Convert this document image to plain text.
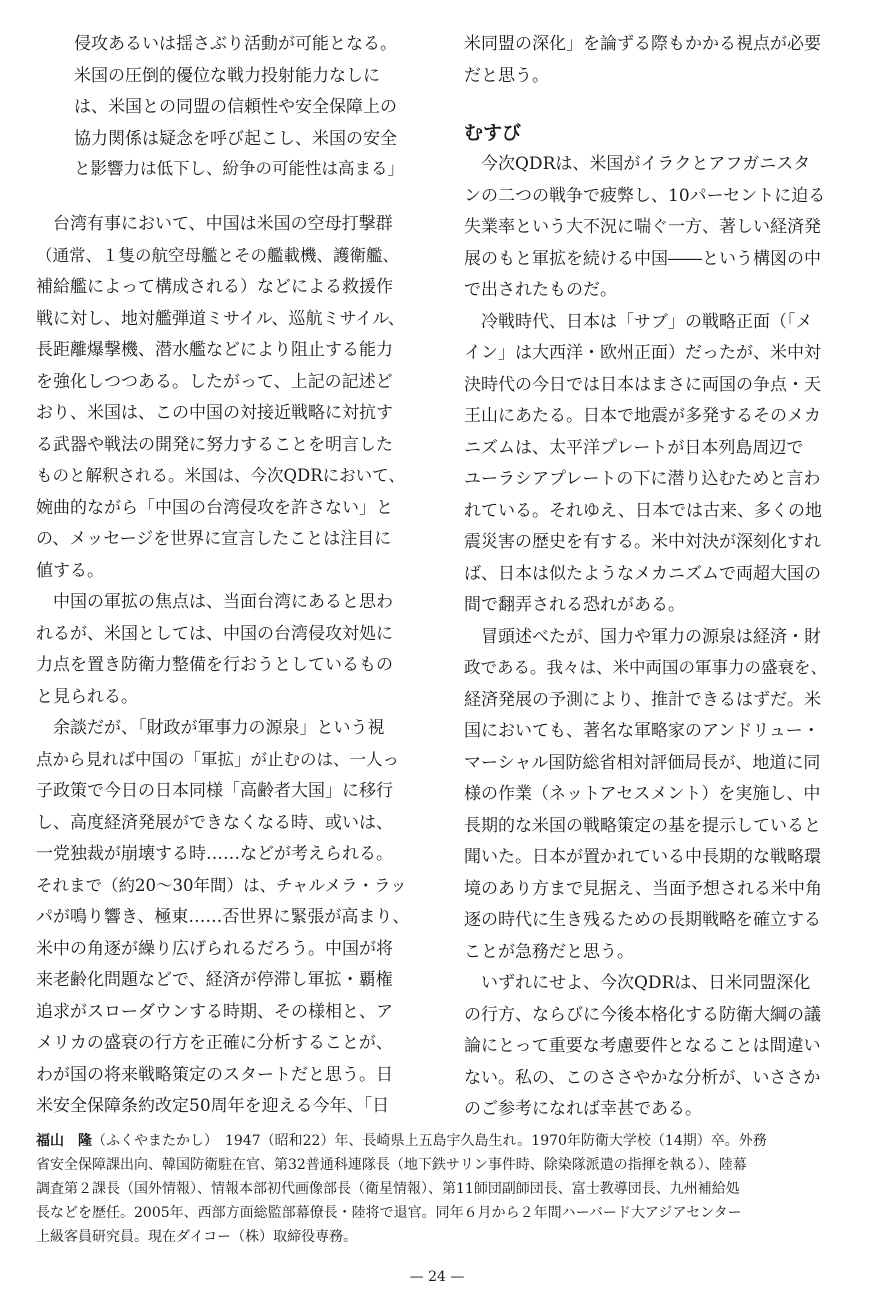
侵攻あるいは揺さぶり活動が可能となる。

米国の圧倒的優位な戦力投射能力なしに

は、米国との同盟の信頼性や安全保障上の

協力関係は疑念を呼び起こし、米国の安全

と影響力は低下し、紛争の可能性は高まる」

　台湾有事において、中国は米国の空母打撃群

（通常、１隻の航空母艦とその艦載機、護衛艦、

補給艦によって構成される）などによる救援作

戦に対し、地対艦弾道ミサイル、巡航ミサイル、

長距離爆撃機、潜水艦などにより阻止する能力

を強化しつつある。したがって、上記の記述ど

おり、米国は、この中国の対接近戦略に対抗す

る武器や戦法の開発に努力することを明言した

ものと解釈される。米国は、今次QDRにおいて、

婉曲的ながら「中国の台湾侵攻を許さない」と

の、メッセージを世界に宣言したことは注目に

値する。

　中国の軍拡の焦点は、当面台湾にあると思わ

れるが、米国としては、中国の台湾侵攻対処に

力点を置き防衛力整備を行おうとしているもの

と見られる。

　余談だが、「財政が軍事力の源泉」という視

点から見れば中国の「軍拡」が止むのは、一人っ

子政策で今日の日本同様「高齢者大国」に移行

し、高度経済発展ができなくなる時、或いは、

一党独裁が崩壊する時……などが考えられる。

それまで（約20～30年間）は、チャルメラ・ラッ

パが鳴り響き、極東……否世界に緊張が高まり、

米中の角逐が繰り広げられるだろう。中国が将

来老齢化問題などで、経済が停滞し軍拡・覇権

追求がスローダウンする時期、その様相と、ア

メリカの盛衰の行方を正確に分析することが、

わが国の将来戦略策定のスタートだと思う。日

米安全保障条約改定50周年を迎える今年、「日

米同盟の深化」を論ずる際もかかる視点が必要

だと思う。

むすび

　今次QDRは、米国がイラクとアフガニスタ

ンの二つの戦争で疲弊し、10パーセントに迫る

失業率という大不況に喘ぐ一方、著しい経済発

展のもと軍拡を続ける中国――という構図の中

で出されたものだ。

　冷戦時代、日本は「サブ」の戦略正面（「メ

イン」は大西洋・欧州正面）だったが、米中対

決時代の今日では日本はまさに両国の争点・天

王山にあたる。日本で地震が多発するそのメカ

ニズムは、太平洋プレートが日本列島周辺で

ユーラシアプレートの下に潜り込むためと言わ

れている。それゆえ、日本では古来、多くの地

震災害の歴史を有する。米中対決が深刻化すれ

ば、日本は似たようなメカニズムで両超大国の

間で翻弄される恐れがある。

　冒頭述べたが、国力や軍力の源泉は経済・財

政である。我々は、米中両国の軍事力の盛衰を、

経済発展の予測により、推計できるはずだ。米

国においても、著名な軍略家のアンドリュー・

マーシャル国防総省相対評価局長が、地道に同

様の作業（ネットアセスメント）を実施し、中

長期的な米国の戦略策定の基を提示していると

聞いた。日本が置かれている中長期的な戦略環

境のあり方まで見据え、当面予想される米中角

逐の時代に生き残るための長期戦略を確立する

ことが急務だと思う。

　いずれにせよ、今次QDRは、日米同盟深化

の行方、ならびに今後本格化する防衛大綱の議

論にとって重要な考慮要件となることは間違い

ない。私の、このささやかな分析が、いささか

のご参考になれば幸甚である。

福山　隆（ふくやまたかし）　1947（昭和22）年、長崎県上五島宇久島生れ。1970年防衛大学校（14期）卒。外務

省安全保障課出向、韓国防衛駐在官、第32普通科連隊長（地下鉄サリン事件時、除染隊派遣の指揮を執る）、陸幕

調査第２課長（国外情報）、情報本部初代画像部長（衛星情報）、第11師団副師団長、富士教導団長、九州補給処

長などを歴任。2005年、西部方面総監部幕僚長・陸将で退官。同年６月から２年間ハーバード大アジアセンター

上級客員研究員。現在ダイコー（株）取締役専務。

— 24 —
